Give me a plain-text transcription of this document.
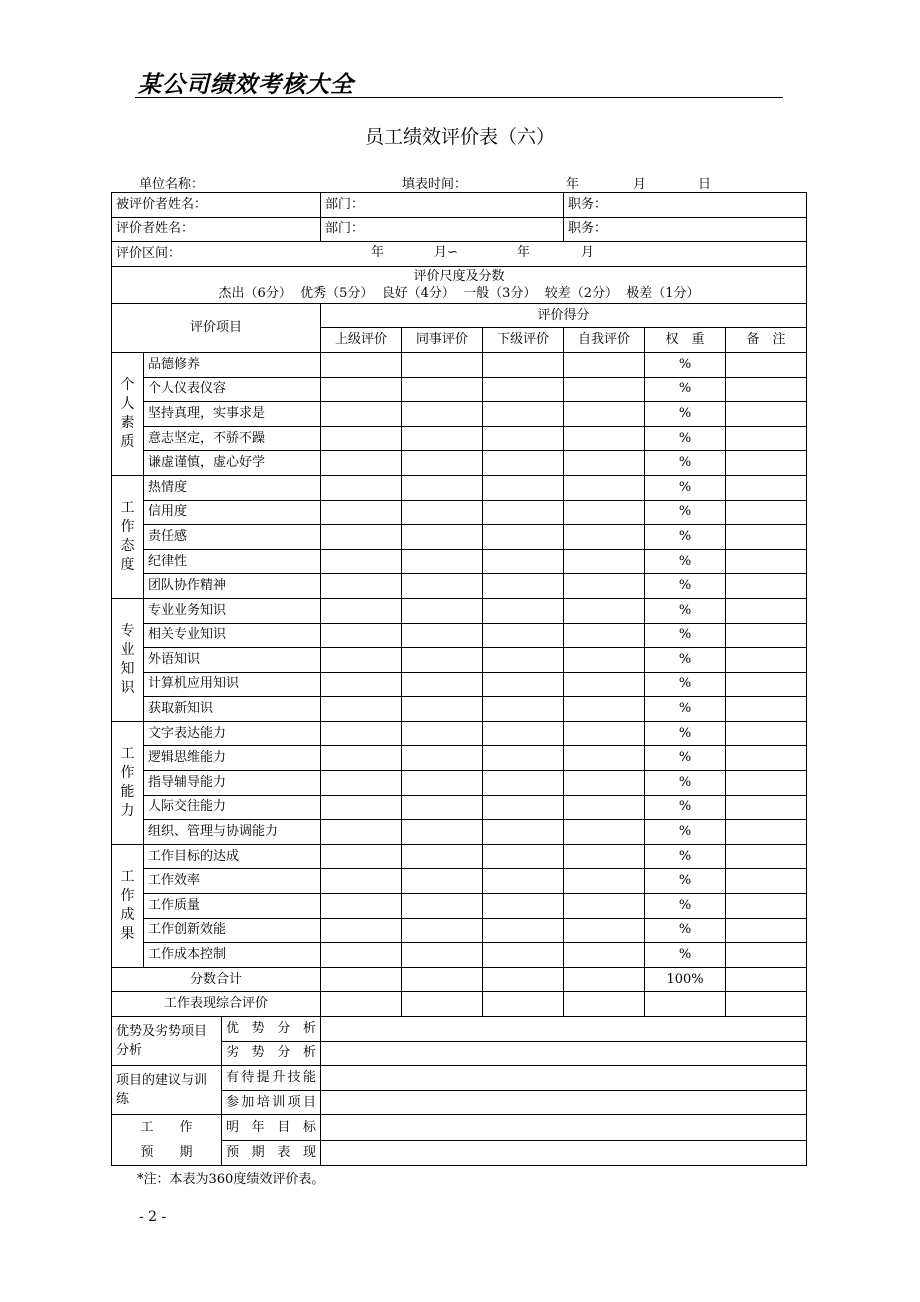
某公司绩效考核大全
员工绩效评价表（六）
单位名称：	填表时间：	年	月	日
被评价者姓名：			部门：			职务：		
评价者姓名：			部门：			职务：		
评价区间： 年 月∽ 年 月								

评价尺度及分数
杰出（6分）  优秀（5分）  良好（4分）  一般（3分）  较差（2分）  极差（1分）								

评价项目			评价得分					
			上级评价	同事评价	下级评价	自我评价	权　重	备　注

个
人
素
质	品德修养						%	
	个人仪表仪容						%	
	坚持真理，实事求是						%	
	意志坚定，不骄不躁						%	
	谦虚谨慎，虚心好学						%	

工
作
态
度	热情度						%	
	信用度						%	
	责任感						%	
	纪律性						%	
	团队协作精神						%	

专
业
知
识	专业业务知识						%	
	相关专业知识						%	
	外语知识						%	
	计算机应用知识						%	
	获取新知识						%	

工
作
能
力	文字表达能力						%	
	逻辑思维能力						%	
	指导辅导能力						%	
	人际交往能力						%	
	组织、管理与协调能力						%	

工
作
成
果	工作目标的达成						%	
	工作效率						%	
	工作质量						%	
	工作创新效能						%	
	工作成本控制						%	
分数合计							100%	
工作表现综合评价								
优势及劣势项目分析		优势分析						
		劣势分析						
项目的建议与训练		有待提升技能						
		参加培训项目						

工　　作
预　　期		明年目标						
		预期表现						
*注：本表为360度绩效评价表。
- 2 -
